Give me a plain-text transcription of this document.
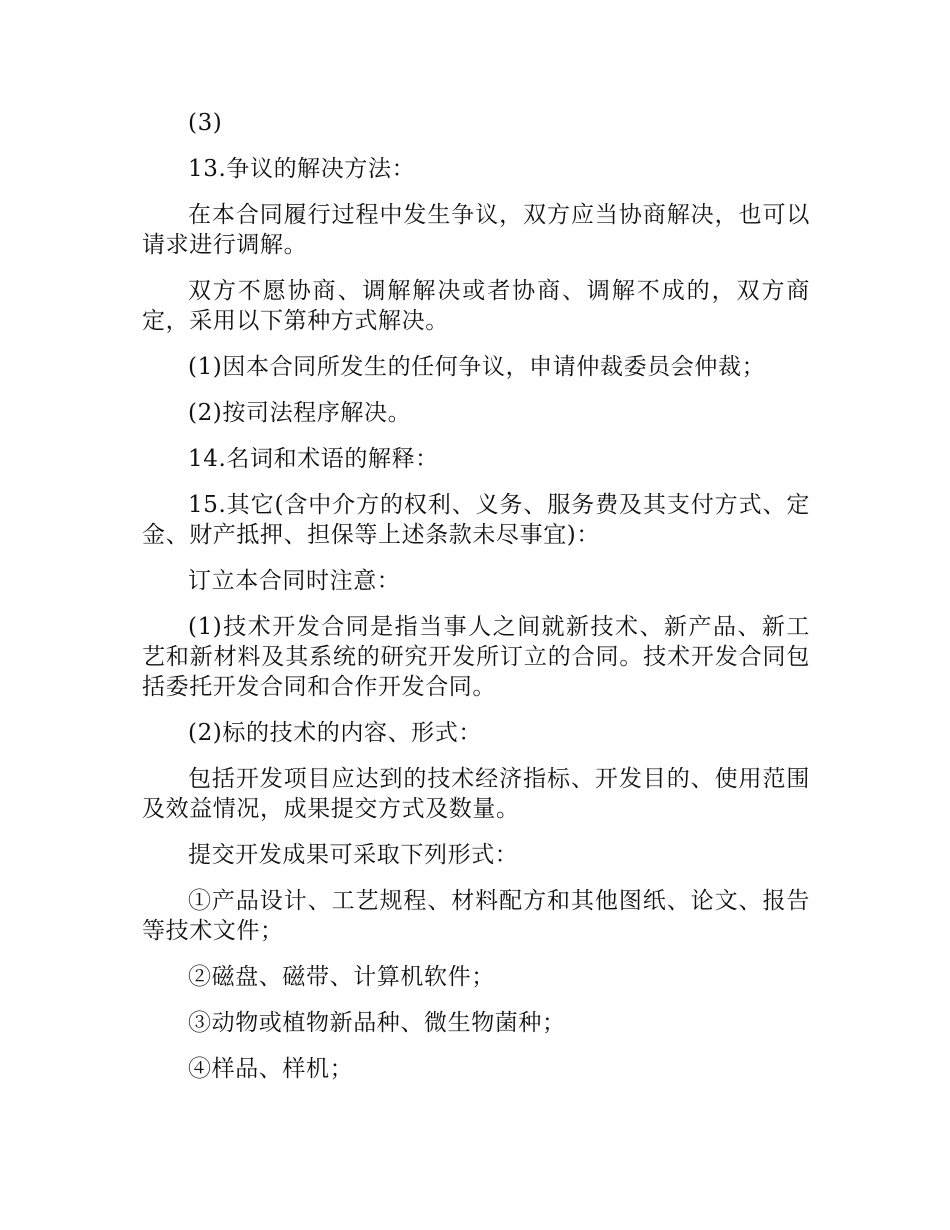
(3)

13.争议的解决方法：

在本合同履行过程中发生争议，双方应当协商解决，也可以请求进行调解。

双方不愿协商、调解解决或者协商、调解不成的，双方商定，采用以下第种方式解决。

(1)因本合同所发生的任何争议，申请仲裁委员会仲裁；

(2)按司法程序解决。

14.名词和术语的解释：

15.其它(含中介方的权利、义务、服务费及其支付方式、定金、财产抵押、担保等上述条款未尽事宜)：

订立本合同时注意：

(1)技术开发合同是指当事人之间就新技术、新产品、新工艺和新材料及其系统的研究开发所订立的合同。技术开发合同包括委托开发合同和合作开发合同。

(2)标的技术的内容、形式：

包括开发项目应达到的技术经济指标、开发目的、使用范围及效益情况，成果提交方式及数量。

提交开发成果可采取下列形式：

①产品设计、工艺规程、材料配方和其他图纸、论文、报告等技术文件；

②磁盘、磁带、计算机软件；

③动物或植物新品种、微生物菌种；

④样品、样机；
